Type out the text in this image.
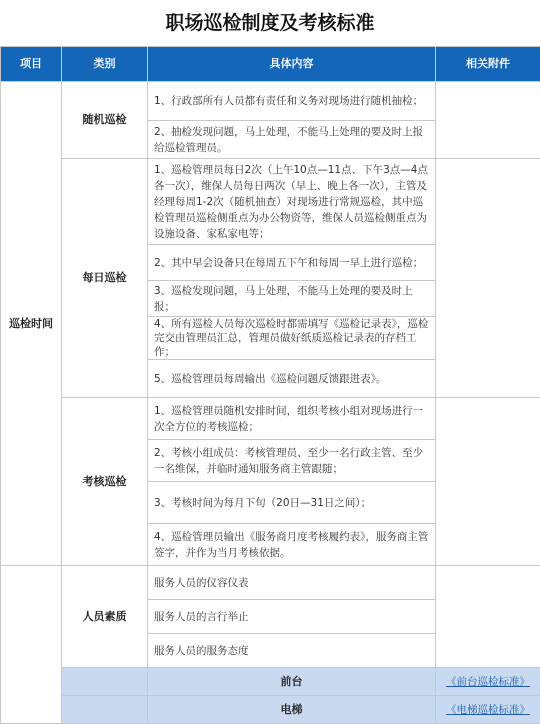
职场巡检制度及考核标准
项目	类别	具体内容	相关附件
巡检时间	随机巡检	1、行政部所有人员都有责任和义务对现场进行随机抽检；	
		2、抽检发现问题，马上处理，不能马上处理的要及时上报给巡检管理员。	
	每日巡检	1、巡检管理员每日2次（上午10点—11点、下午3点—4点各一次），维保人员每日两次（早上、晚上各一次），主管及经理每周1-2次（随机抽查）对现场进行常规巡检，其中巡检管理员巡检侧重点为办公物资等，维保人员巡检侧重点为设施设备、家私家电等；	
		2、其中早会设备只在每周五下午和每周一早上进行巡检；	
		3、巡检发现问题，马上处理，不能马上处理的要及时上报；	
		4、所有巡检人员每次巡检时都需填写《巡检记录表》，巡检完交由管理员汇总，管理员做好纸质巡检记录表的存档工作；	
		5、巡检管理员每周输出《巡检问题反馈跟进表》。	
	考核巡检	1、巡检管理员随机安排时间，组织考核小组对现场进行一次全方位的考核巡检；	
		2、考核小组成员：考核管理员、至少一名行政主管、至少一名维保，并临时通知服务商主管跟随；	
		3、考核时间为每月下旬（20日—31日之间）；	
		4、巡检管理员输出《服务商月度考核履约表》，服务商主管签字，并作为当月考核依据。	
	人员素质	服务人员的仪容仪表	
		服务人员的言行举止	
		服务人员的服务态度	
		前台	《前台巡检标准》
		电梯	《电梯巡检标准》
